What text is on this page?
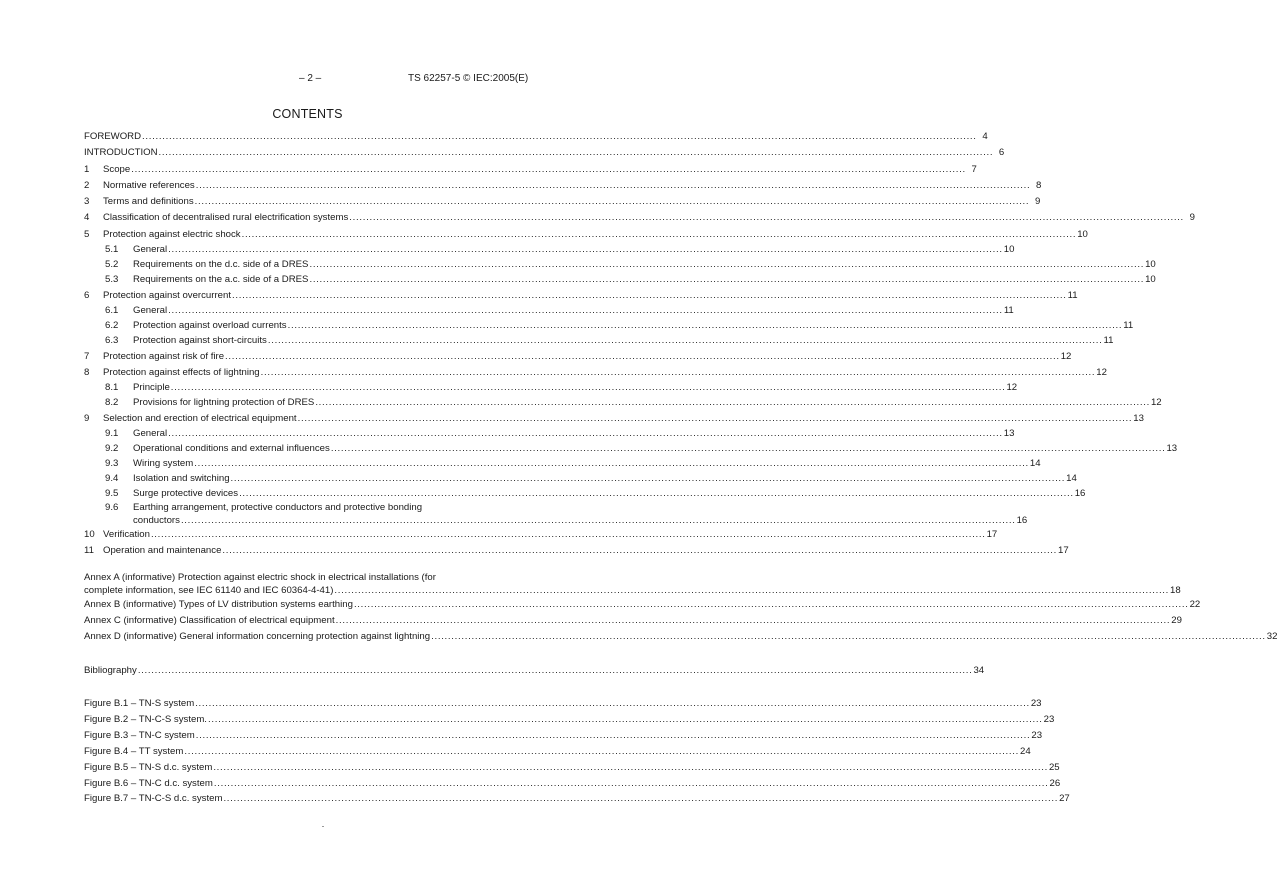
– 2 –	TS 62257-5 © IEC:2005(E)
CONTENTS
FOREWORD .....	4
INTRODUCTION .....	6
1	Scope .....	7
2	Normative references .....	8
3	Terms and definitions .....	9
4	Classification of decentralised rural electrification systems .....	9
5	Protection against electric shock .....	10
5.1	General .....	10
5.2	Requirements on the d.c. side of a DRES .....	10
5.3	Requirements on the a.c. side of a DRES .....	10
6	Protection against overcurrent .....	11
6.1	General .....	11
6.2	Protection against overload currents .....	11
6.3	Protection against short-circuits .....	11
7	Protection against risk of fire .....	12
8	Protection against effects of lightning .....	12
8.1	Principle .....	12
8.2	Provisions for lightning protection of DRES .....	12
9	Selection and erection of electrical equipment .....	13
9.1	General .....	13
9.2	Operational conditions and external influences .....	13
9.3	Wiring system .....	14
9.4	Isolation and switching .....	14
9.5	Surge protective devices .....	16
9.6	Earthing arrangement, protective conductors and protective bonding
conductors .....	16
10 Verification .....	17
11 Operation and maintenance .....	17
Annex A (informative) Protection against electric shock in electrical installations (for
complete information, see IEC 61140 and IEC 60364-4-41) .....	18
Annex B (informative) Types of LV distribution systems earthing .....	22
Annex C (informative) Classification of electrical equipment .....	29
Annex D (informative) General information concerning protection against lightning .....	32
Bibliography .....	34
Figure B.1 – TN-S system .....	23
Figure B.2 – TN-C-S system. .....	23
Figure B.3 – TN-C system .....	23
Figure B.4 – TT system .....	24
Figure B.5 – TN-S d.c. system .....	25
Figure B.6 – TN-C d.c. system .....	26
Figure B.7 – TN-C-S d.c. system .....	27
